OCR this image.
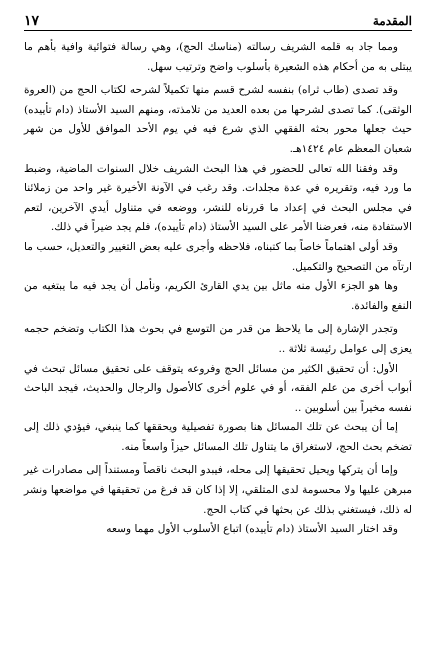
المقدمة
١٧

ومما جاد به قلمه الشريف رسالته (مناسك الحج)، وهي رسالة فتوائية وافية بأهم ما يبتلى به من أحكام هذه الشعيرة بأسلوب واضح وترتيب سهل.

وقد تصدى (طاب ثراه) بنفسه لشرح قسم منها تكميلاً لشرحه لكتاب الحج من (العروة الوثقى). كما تصدى لشرحها من بعده العديد من تلامذته، ومنهم السيد الأستاذ (دام تأييده) حيث جعلها محور بحثه الفقهي الذي شرع فيه في يوم الأحد الموافق للأول من شهر شعبان المعظم عام ١٤٢٤هـ.

وقد وفقنا الله تعالى للحضور في هذا البحث الشريف خلال السنوات الماضية، وضبط ما ورد فيه، وتقريره في عدة مجلدات. وقد رغب في الآونة الأخيرة غير واحد من زملائنا في مجلس البحث في إعداد ما قررناه للنشر، ووضعه في متناول أيدي الآخرين، لتعم الاستفادة منه، فعرضنا الأمر على السيد الأستاذ (دام تأييده)، فلم يجد ضيراً في ذلك.

وقد أولى اهتماماً خاصاً بما كتبناه، فلاحظه وأجرى عليه بعض التغيير والتعديل، حسب ما ارتآه من التصحيح والتكميل.

وها هو الجزء الأول منه ماثل بين يدي القارئ الكريم، ونأمل أن يجد فيه ما يبتغيه من النفع والفائدة.

وتجدر الإشارة إلى ما يلاحظ من قدر من التوسع في بحوث هذا الكتاب وتضخم حجمه يعزى إلى عوامل رئيسة ثلاثة ..

الأول: أن تحقيق الكثير من مسائل الحج وفروعه يتوقف على تحقيق مسائل تبحث في أبواب أخرى من علم الفقه، أو في علوم أخرى كالأصول والرجال والحديث، فيجد الباحث نفسه مخيراً بين أسلوبين ..

إما أن يبحث عن تلك المسائل هنا بصورة تفصيلية ويحققها كما ينبغي، فيؤدي ذلك إلى تضخم بحث الحج، لاستغراق ما يتناول تلك المسائل حيزاً واسعاً منه.

وإما أن يتركها ويحيل تحقيقها إلى محله، فيبدو البحث ناقصاً ومستنداً إلى مصادرات غير مبرهن عليها ولا محسومة لدى المتلقي، إلا إذا كان قد فرغ من تحقيقها في مواضعها ونشر له ذلك، فيستغني بذلك عن بحثها في كتاب الحج.

وقد اختار السيد الأستاذ (دام تأييده) اتباع الأسلوب الأول مهما وسعه
